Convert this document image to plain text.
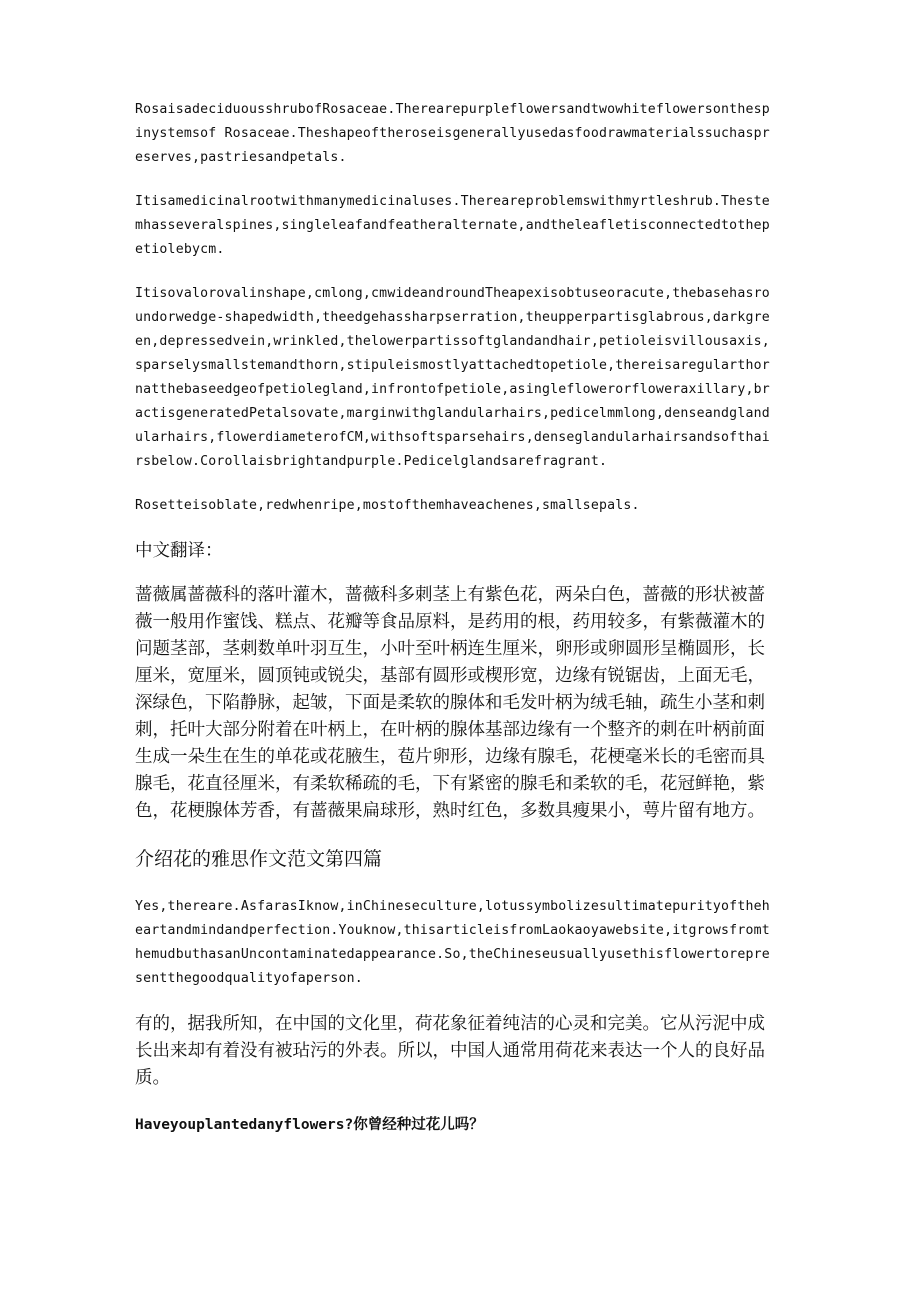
RosaisadeciduousshrubofRosaceae.Therearepurpleflowersandtwowhiteflowersonthespinystemsof Rosaceae.Theshapeoftheroseisgenerallyusedasfoodrawmaterialssuchaspreserves,pastriesandpetals.

Itisamedicinalrootwithmanymedicinaluses.Thereareproblemswithmyrtleshrub.Thestemhasseveralspines,singleleafandfeatheralternate,andtheleafletisconnectedtothepetiolebycm.

Itisovalorovalinshape,cmlong,cmwideandroundTheapexisobtuseoracute,thebasehasroundorwedge-shapedwidth,theedgehassharpserration,theupperpartisglabrous,darkgreen,depressedvein,wrinkled,thelowerpartissoftglandandhair,petioleisvillousaxis,sparselysmallstemandthorn,stipuleismostlyattachedtopetiole,thereisaregularthornatthebaseedgeofpetiolegland,infrontofpetiole,asingleflowerorfloweraxillary,bractisgeneratedPetalsovate,marginwithglandularhairs,pedicelmmlong,denseandglandularhairs,flowerdiameterofCM,withsoftsparsehairs,denseglandularhairsandsofthairsbelow.Corollaisbrightandpurple.Pedicelglandsarefragrant.

Rosetteisoblate,redwhenripe,mostofthemhaveachenes,smallsepals.

中文翻译：

蔷薇属蔷薇科的落叶灌木，蔷薇科多刺茎上有紫色花，两朵白色，蔷薇的形状被蔷薇一般用作蜜饯、糕点、花瓣等食品原料，是药用的根，药用较多，有紫薇灌木的问题茎部，茎刺数单叶羽互生，小叶至叶柄连生厘米，卵形或卵圆形呈椭圆形，长厘米，宽厘米，圆顶钝或锐尖，基部有圆形或楔形宽，边缘有锐锯齿，上面无毛，深绿色，下陷静脉，起皱，下面是柔软的腺体和毛发叶柄为绒毛轴，疏生小茎和刺刺，托叶大部分附着在叶柄上，在叶柄的腺体基部边缘有一个整齐的刺在叶柄前面生成一朵生在生的单花或花腋生，苞片卵形，边缘有腺毛，花梗毫米长的毛密而具腺毛，花直径厘米，有柔软稀疏的毛，下有紧密的腺毛和柔软的毛，花冠鲜艳，紫色，花梗腺体芳香，有蔷薇果扁球形，熟时红色，多数具瘦果小，萼片留有地方。

介绍花的雅思作文范文第四篇

Yes,thereare.AsfarasIknow,inChineseculture,lotussymbolizesultimatepurityoftheheartandmindandperfection.Youknow,thisarticleisfromLaokaoyawebsite,itgrowsfromthemudbuthasanUncontaminatedappearance.So,theChineseusuallyusethisflowertorepresentthegoodqualityofaperson.

有的，据我所知，在中国的文化里，荷花象征着纯洁的心灵和完美。它从污泥中成长出来却有着没有被玷污的外表。所以，中国人通常用荷花来表达一个人的良好品质。

Haveyouplantedanyflowers?你曾经种过花儿吗？
